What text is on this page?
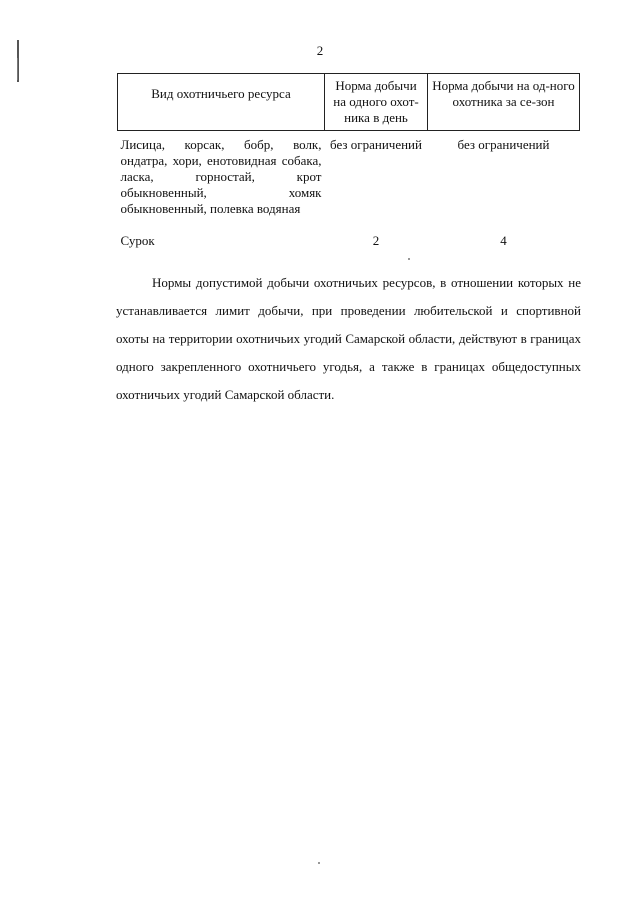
2
Вид охотничьего ресурса	Норма добычи на одного охот-ника в день	Норма добычи на од-ного охотника за се-зон
Лисица, корсак, бобр, волк, ондатра, хори, енотовидная собака, ласка, горностай, крот обыкновенный, хомяк обыкновенный, полевка водяная	без ограничений	без ограничений
Сурок	2	4
Нормы допустимой добычи охотничьих ресурсов, в отношении которых не устанавливается лимит добычи, при проведении любительской и спортивной охоты на территории охотничьих угодий Самарской области, действуют в границах одного закрепленного охотничьего угодья, а также в границах общедоступных охотничьих угодий Самарской области.
